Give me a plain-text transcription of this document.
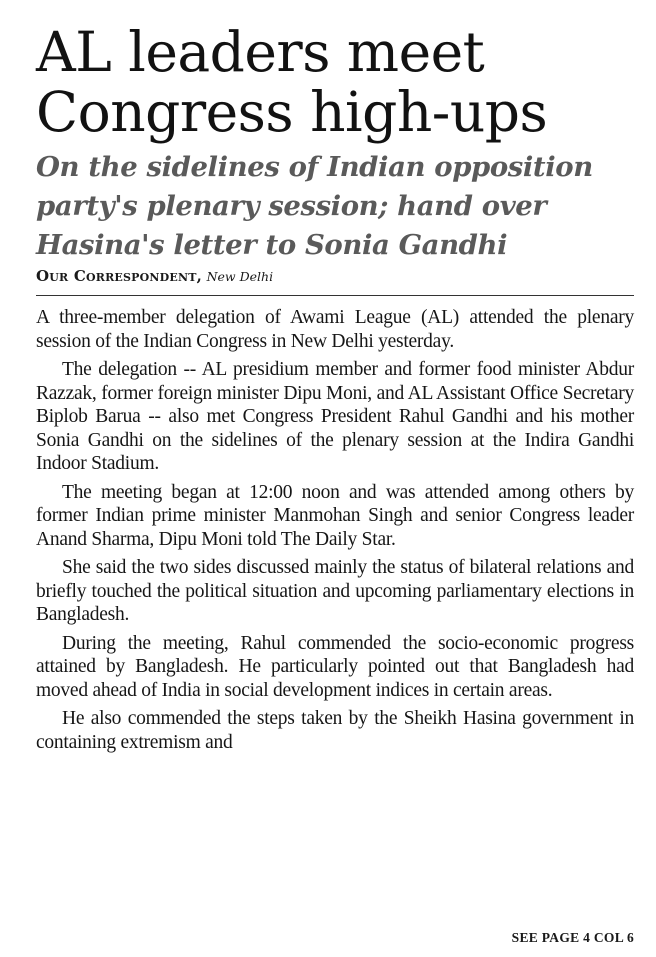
AL leaders meet
Congress high-ups
On the sidelines of Indian opposition
party's plenary session; hand over
Hasina's letter to Sonia Gandhi
Our Correspondent, New Delhi

A three-member delegation of Awami League (AL) attended the plenary session of the Indian Congress in New Delhi yesterday.

The delegation -- AL presidium member and former food minister Abdur Razzak, former foreign minister Dipu Moni, and AL Assistant Office Secretary Biplob Barua -- also met Congress President Rahul Gandhi and his mother Sonia Gandhi on the sidelines of the plenary session at the Indira Gandhi Indoor Stadium.

The meeting began at 12:00 noon and was attended among others by former Indian prime minister Manmohan Singh and senior Congress leader Anand Sharma, Dipu Moni told The Daily Star.

She said the two sides discussed mainly the status of bilateral relations and briefly touched the political situation and upcoming parliamentary elections in Bangladesh.

During the meeting, Rahul commended the socio-economic progress attained by Bangladesh. He particularly pointed out that Bangladesh had moved ahead of India in social development indices in certain areas.

He also commended the steps taken by the Sheikh Hasina government in containing extremism and

SEE PAGE 4 COL 6
